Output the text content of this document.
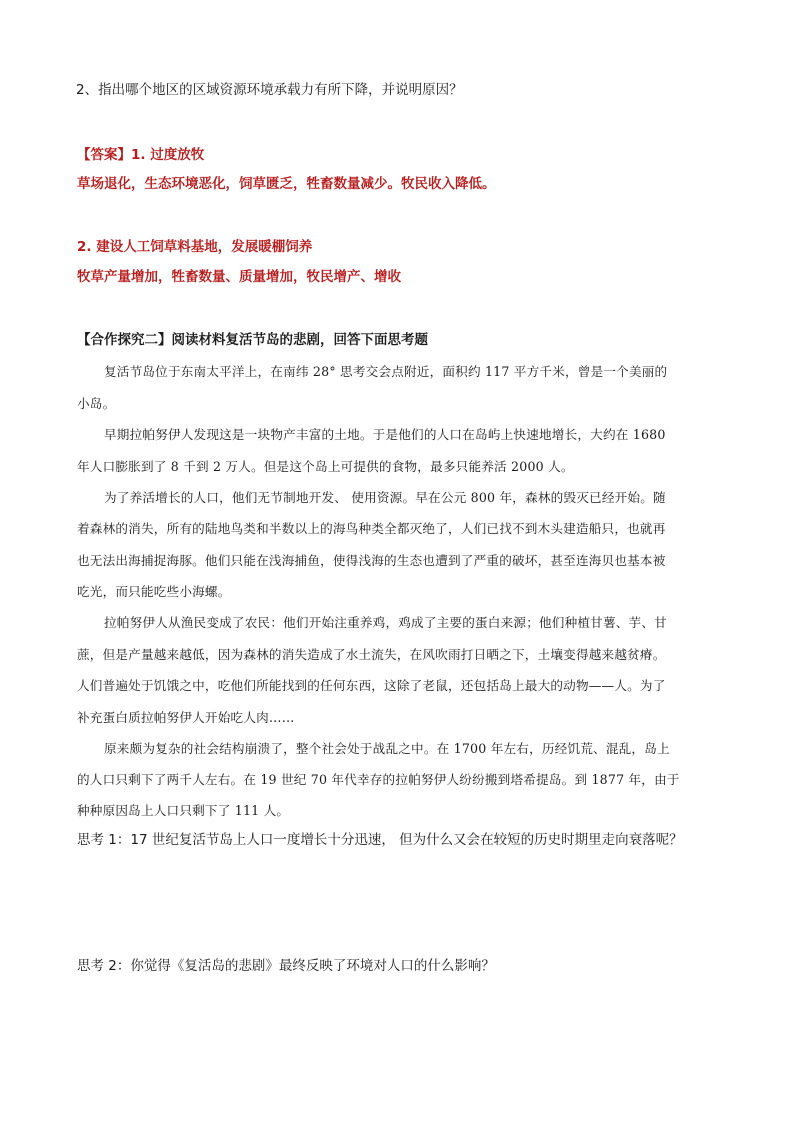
2、指出哪个地区的区域资源环境承载力有所下降，并说明原因？
【答案】1. 过度放牧
草场退化，生态环境恶化，饲草匮乏，牲畜数量减少。牧民收入降低。
2. 建设人工饲草料基地，发展暖棚饲养
牧草产量增加，牲畜数量、质量增加，牧民增产、增收
【合作探究二】阅读材料复活节岛的悲剧，回答下面思考题
复活节岛位于东南太平洋上，在南纬 28° 思考交会点附近，面积约 117 平方千米，曾是一个美丽的
小岛。
早期拉帕努伊人发现这是一块物产丰富的土地。于是他们的人口在岛屿上快速地增长，大约在 1680
年人口膨胀到了 8 千到 2 万人。但是这个岛上可提供的食物，最多只能养活 2000 人。
为了养活增长的人口，他们无节制地开发、 使用资源。早在公元 800 年，森林的毁灭已经开始。随
着森林的消失，所有的陆地鸟类和半数以上的海鸟种类全都灭绝了，人们已找不到木头建造船只，也就再
也无法出海捕捉海豚。他们只能在浅海捕鱼，使得浅海的生态也遭到了严重的破坏，甚至连海贝也基本被
吃光，而只能吃些小海螺。
拉帕努伊人从渔民变成了农民：他们开始注重养鸡，鸡成了主要的蛋白来源；他们种植甘薯、芋、甘
蔗，但是产量越来越低，因为森林的消失造成了水土流失，在风吹雨打日晒之下，土壤变得越来越贫瘠。
人们普遍处于饥饿之中，吃他们所能找到的任何东西，这除了老鼠，还包括岛上最大的动物——人。为了
补充蛋白质拉帕努伊人开始吃人肉……
原来颇为复杂的社会结构崩溃了，整个社会处于战乱之中。在 1700 年左右，历经饥荒、混乱，岛上
的人口只剩下了两千人左右。在 19 世纪 70 年代幸存的拉帕努伊人纷纷搬到塔希提岛。到 1877 年，由于
种种原因岛上人口只剩下了 111 人。
思考 1：17 世纪复活节岛上人口一度增长十分迅速， 但为什么又会在较短的历史时期里走向衰落呢？
思考 2：你觉得《复活岛的悲剧》最终反映了环境对人口的什么影响？
